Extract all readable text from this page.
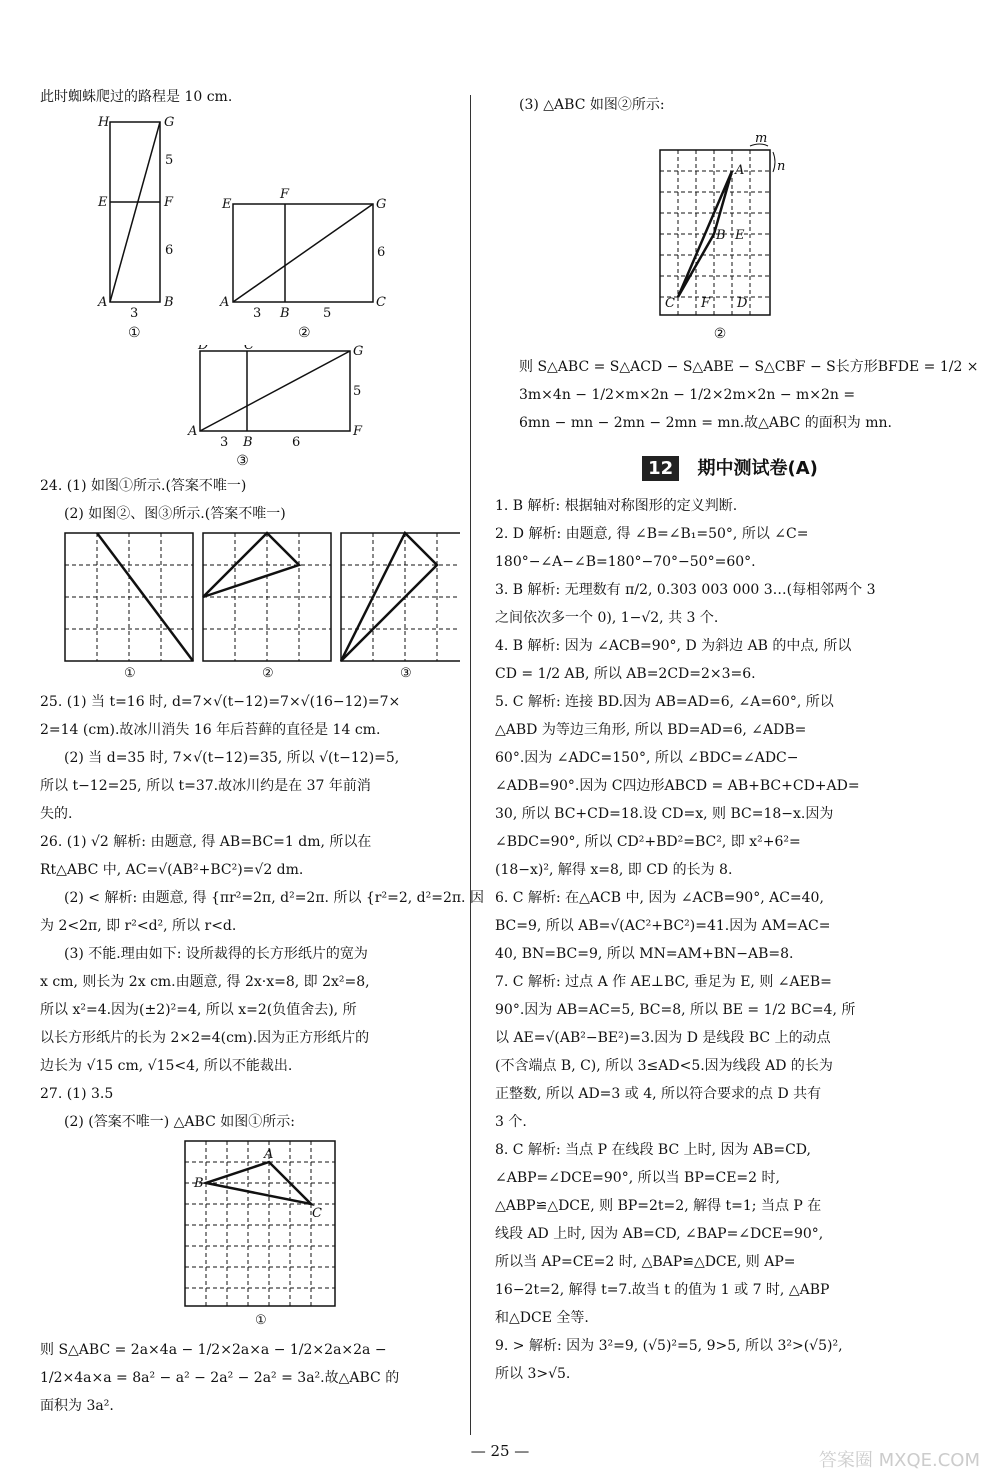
此时蜘蛛爬过的路程是 10 cm.
H	G
E	F
A	B
5
6
3
E
F
G
A
B
C
6
3	5
①	②
D	C	G
A
B
F
5
3	6
③
24. (1) 如图①所示.(答案不唯一)
(2) 如图②、图③所示.(答案不唯一)
①	②	③
25. (1) 当 t=16 时, d=7×√(t−12)=7×√(16−12)=7×
2=14 (cm).故冰川消失 16 年后苔藓的直径是 14 cm.
(2) 当 d=35 时, 7×√(t−12)=35, 所以 √(t−12)=5,
所以 t−12=25, 所以 t=37.故冰川约是在 37 年前消
失的.
26. (1) √2 解析: 由题意, 得 AB=BC=1 dm, 所以在
Rt△ABC 中, AC=√(AB²+BC²)=√2 dm.
(2) < 解析: 由题意, 得 {πr²=2π, d²=2π. 所以 {r²=2, d²=2π. 因
为 2<2π, 即 r²<d², 所以 r<d.
(3) 不能.理由如下: 设所裁得的长方形纸片的宽为
x cm, 则长为 2x cm.由题意, 得 2x·x=8, 即 2x²=8,
所以 x²=4.因为(±2)²=4, 所以 x=2(负值舍去), 所
以长方形纸片的长为 2×2=4(cm).因为正方形纸片的
边长为 √15 cm, √15<4, 所以不能裁出.
27. (1) 3.5
(2) (答案不唯一) △ABC 如图①所示:
A
B
C
①
则 S△ABC = 2a×4a − 1/2×2a×a − 1/2×2a×2a −
1/2×4a×a = 8a² − a² − 2a² − 2a² = 3a².故△ABC 的
面积为 3a².
(3) △ABC 如图②所示:
A
B E
C F D
m
n
②
则 S△ABC = S△ACD − S△ABE − S△CBF − S长方形BFDE = 1/2 ×
3m×4n − 1/2×m×2n − 1/2×2m×2n − m×2n =
6mn − mn − 2mn − 2mn = mn.故△ABC 的面积为 mn.
12 期中测试卷(A)
1. B 解析: 根据轴对称图形的定义判断.
2. D 解析: 由题意, 得 ∠B=∠B₁=50°, 所以 ∠C=
180°−∠A−∠B=180°−70°−50°=60°.
3. B 解析: 无理数有 π/2, 0.303 003 000 3…(每相邻两个 3
之间依次多一个 0), 1−√2, 共 3 个.
4. B 解析: 因为 ∠ACB=90°, D 为斜边 AB 的中点, 所以
CD = 1/2 AB, 所以 AB=2CD=2×3=6.
5. C 解析: 连接 BD.因为 AB=AD=6, ∠A=60°, 所以
△ABD 为等边三角形, 所以 BD=AD=6, ∠ADB=
60°.因为 ∠ADC=150°, 所以 ∠BDC=∠ADC−
∠ADB=90°.因为 C四边形ABCD = AB+BC+CD+AD=
30, 所以 BC+CD=18.设 CD=x, 则 BC=18−x.因为
∠BDC=90°, 所以 CD²+BD²=BC², 即 x²+6²=
(18−x)², 解得 x=8, 即 CD 的长为 8.
6. C 解析: 在△ACB 中, 因为 ∠ACB=90°, AC=40,
BC=9, 所以 AB=√(AC²+BC²)=41.因为 AM=AC=
40, BN=BC=9, 所以 MN=AM+BN−AB=8.
7. C 解析: 过点 A 作 AE⊥BC, 垂足为 E, 则 ∠AEB=
90°.因为 AB=AC=5, BC=8, 所以 BE = 1/2 BC=4, 所
以 AE=√(AB²−BE²)=3.因为 D 是线段 BC 上的动点
(不含端点 B, C), 所以 3≤AD<5.因为线段 AD 的长为
正整数, 所以 AD=3 或 4, 所以符合要求的点 D 共有
3 个.
8. C 解析: 当点 P 在线段 BC 上时, 因为 AB=CD,
∠ABP=∠DCE=90°, 所以当 BP=CE=2 时,
△ABP≌△DCE, 则 BP=2t=2, 解得 t=1; 当点 P 在
线段 AD 上时, 因为 AB=CD, ∠BAP=∠DCE=90°,
所以当 AP=CE=2 时, △BAP≌△DCE, 则 AP=
16−2t=2, 解得 t=7.故当 t 的值为 1 或 7 时, △ABP
和△DCE 全等.
9. > 解析: 因为 3²=9, (√5)²=5, 9>5, 所以 3²>(√5)²,
所以 3>√5.
— 25 —	答案圈 MXQE.COM
